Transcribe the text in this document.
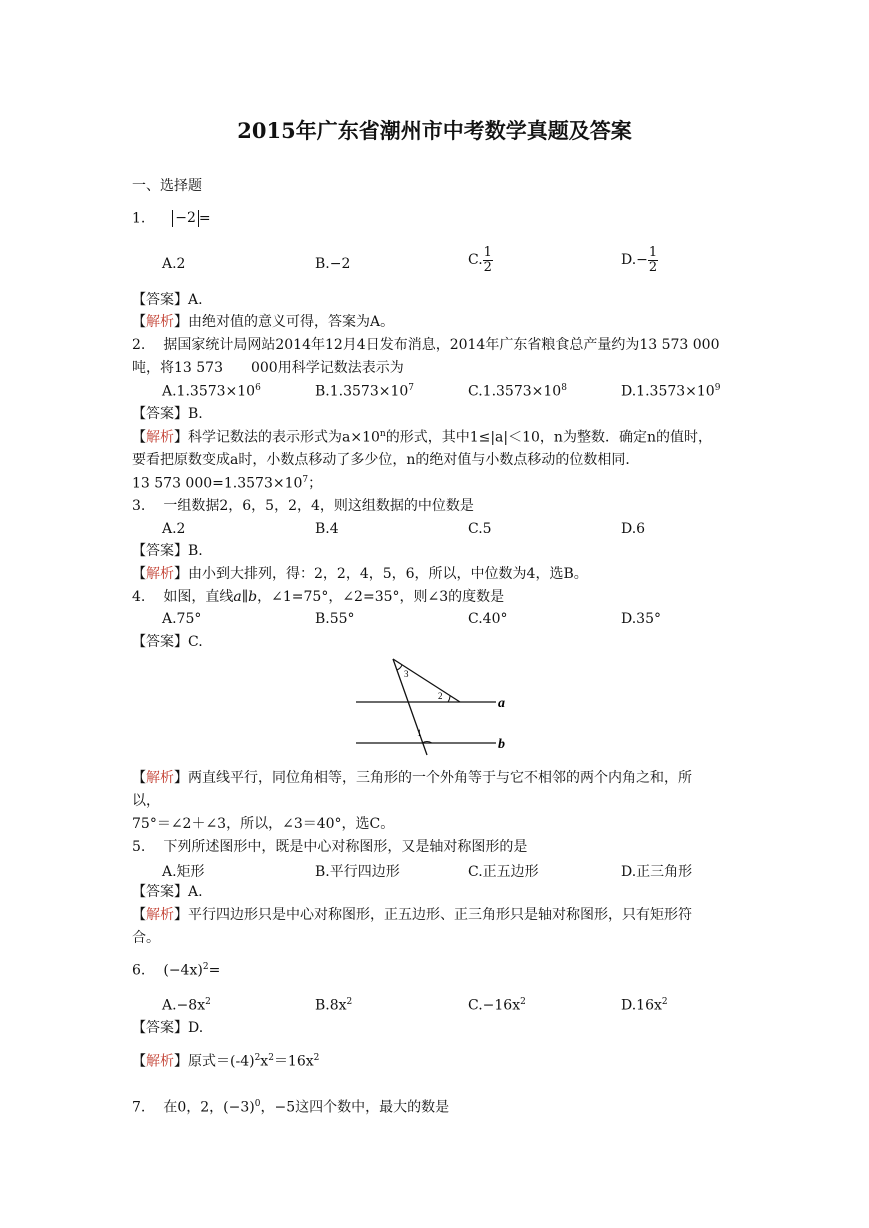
2015年广东省潮州市中考数学真题及答案
一、选择题
1. −2 =
A.2	B.−2	C. $\frac{1}{2}$	$D.- \frac{1}{2}$
【答案】A.
【解析】由绝对值的意义可得，答案为A。
2. 据国家统计局网站2014年12月4日发布消息，2014年广东省粮食总产量约为13 573 000
吨，将13 573　　000用科学记数法表示为
$A.1.3573\times 10^6$	$B.1.3573\times 10^7$	$C.1.3573\times 10^8$	$D.1.3573\times 10^9$
【答案】B.
【解析】科学记数法的表示形式为$a\times 10^n$的形式，其中1≤|a|＜10，n为整数．确定n的值时，
要看把原数变成a时，小数点移动了多少位，n的绝对值与小数点移动的位数相同．
13 573 $000=1.3573\times 10^7$；
3. 一组数据2，6，5，2，4，则这组数据的中位数是
A.2	B.4	C.5	D.6
【答案】B.
【解析】由小到大排列，得：2，2，4，5，6，所以，中位数为4，选B。
4. 如图，直线a∥b，∠1=75°，∠2=35°，则∠3的度数是
A.75°	B.55°	C.40°	D.35°
【答案】C.
3
2
1
a
b
【解析】两直线平行，同位角相等，三角形的一个外角等于与它不相邻的两个内角之和，所
以，
75°＝∠2＋∠3，所以，∠3＝40°，选C。
5. 下列所述图形中，既是中心对称图形，又是轴对称图形的是
A.矩形	B.平行四边形	C.正五边形	D.正三角形
【答案】A.
【解析】平行四边形只是中心对称图形，正五边形、正三角形只是轴对称图形，只有矩形符
合。
6. $(-4x)^2=$
$A.-8x^2$	$B.8x^2$	$C.-16x^2$	$D.16x^2$
【答案】D.
【解析】原式$=(-4)^2x^2=16x^2$
7. 在0，2，$(-3)^0$，−5这四个数中，最大的数是
